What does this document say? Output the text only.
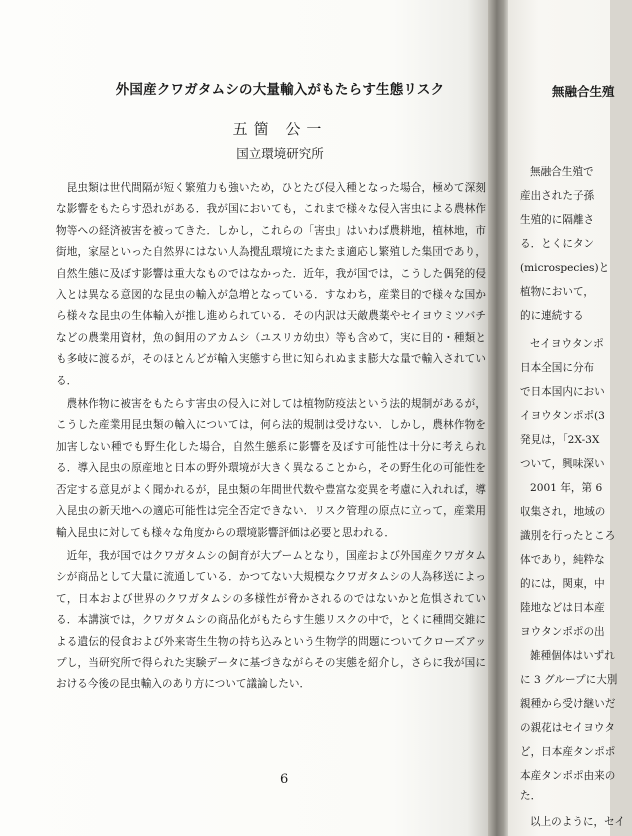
外国産クワガタムシの大量輸入がもたらす生態リスク
五箇 公一
国立環境研究所

昆虫類は世代間隔が短く繁殖力も強いため，ひとたび侵入種となった場合，極めて深刻な影響をもたらす恐れがある．我が国においても，これまで様々な侵入害虫による農林作物等への経済被害を被ってきた．しかし，これらの「害虫」はいわば農耕地，植林地，市街地，家屋といった自然界にはない人為攪乱環境にたまたま適応し繁殖した集団であり，自然生態に及ぼす影響は重大なものではなかった．近年，我が国では，こうした偶発的侵入とは異なる意図的な昆虫の輸入が急増となっている．すなわち，産業目的で様々な国から様々な昆虫の生体輸入が推し進められている．その内訳は天敵農薬やセイヨウミツバチなどの農業用資材，魚の飼用のアカムシ（ユスリカ幼虫）等も含めて，実に目的・種類とも多岐に渡るが，そのほとんどが輸入実態すら世に知られぬまま膨大な量で輸入されている．

農林作物に被害をもたらす害虫の侵入に対しては植物防疫法という法的規制があるが，こうした産業用昆虫類の輸入については，何ら法的規制は受けない．しかし，農林作物を加害しない種でも野生化した場合，自然生態系に影響を及ぼす可能性は十分に考えられる．導入昆虫の原産地と日本の野外環境が大きく異なることから，その野生化の可能性を否定する意見がよく聞かれるが，昆虫類の年間世代数や豊富な変異を考慮に入れれば，導入昆虫の新天地への適応可能性は完全否定できない．リスク管理の原点に立って，産業用輸入昆虫に対しても様々な角度からの環境影響評価は必要と思われる．

近年，我が国ではクワガタムシの飼育が大ブームとなり，国産および外国産クワガタムシが商品として大量に流通している．かつてない大規模なクワガタムシの人為移送によって，日本および世界のクワガタムシの多様性が脅かされるのではないかと危惧されている．本講演では，クワガタムシの商品化がもたらす生態リスクの中で，とくに種間交雑による遺伝的侵食および外来寄生生物の持ち込みという生物学的問題についてクローズアップし，当研究所で得られた実験データに基づきながらその実態を紹介し，さらに我が国における今後の昆虫輸入のあり方について議論したい．

6
無融合生殖
無融合生殖で
産出された子孫
生殖的に隔離さ
る．とくにタン
(microspecies)と
植物において，
的に連続する
セイヨウタンポ
日本全国に分布
で日本国内におい
イヨウタンポポ(3
発見は，「2X-3X
ついて，興味深い
2001 年，第 6
収集され，地域の
識別を行ったところ
体であり，純粋な
的には，関東，中
陸地などは日本産
ヨウタンポポの出
雑種個体はいずれ
に 3 グループに大別
親種から受け継いだ
の親花はセイヨウタ
ど，日本産タンポポ
本産タンポポ由来の
た．
以上のように，セイ
